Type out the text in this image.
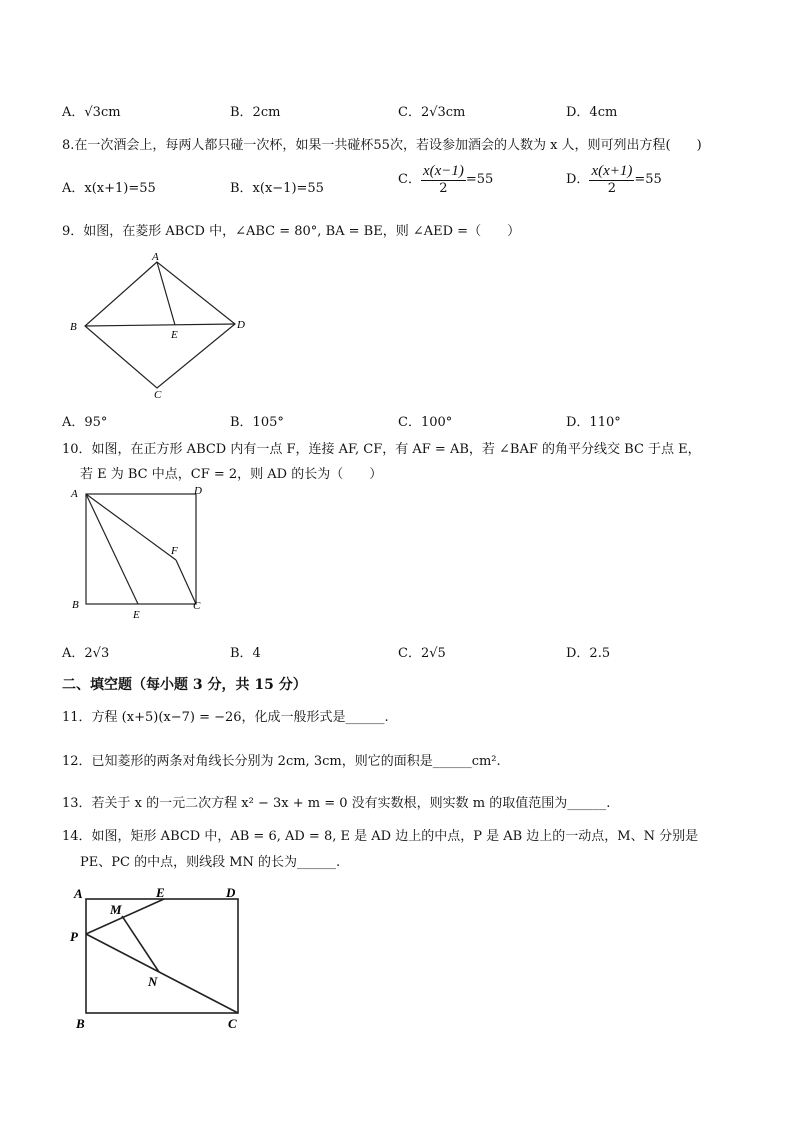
A．√3cm	B．2cm	C．2√3cm	D．4cm
8.在一次酒会上，每两人都只碰一次杯，如果一共碰杯55次，若设参加酒会的人数为 x 人，则可列出方程(　　)
A．x(x+1)=55	B．x(x−1)=55
C． $\frac{x(x-1)}{2} =55$	D． $\frac{x(x+1)}{2} =55$
9．如图，在菱形 ABCD 中，∠ABC = 80°, BA = BE，则 ∠AED =（　　）
A
B
C
D
E
A．95°	B．105°	C．100°	D．110°
10．如图，在正方形 ABCD 内有一点 F，连接 AF, CF，有 AF = AB，若 ∠BAF 的角平分线交 BC 于点 E，
若 E 为 BC 中点，CF = 2，则 AD 的长为（　　）
A	D
B	C
E
F
A．2√3	B．4	C．2√5	D．2.5
二、填空题（每小题 3 分，共 15 分）
11．方程 (x+5)(x−7) = −26，化成一般形式是______.
12．已知菱形的两条对角线长分别为 2cm, 3cm，则它的面积是______cm².
13．若关于 x 的一元二次方程 x² − 3x + m = 0 没有实数根，则实数 m 的取值范围为______.
14．如图，矩形 ABCD 中，AB = 6, AD = 8, E 是 AD 边上的中点，P 是 AB 边上的一动点，M、N 分别是
PE、PC 的中点，则线段 MN 的长为______.
A	E	D
M
P
N
B	C
